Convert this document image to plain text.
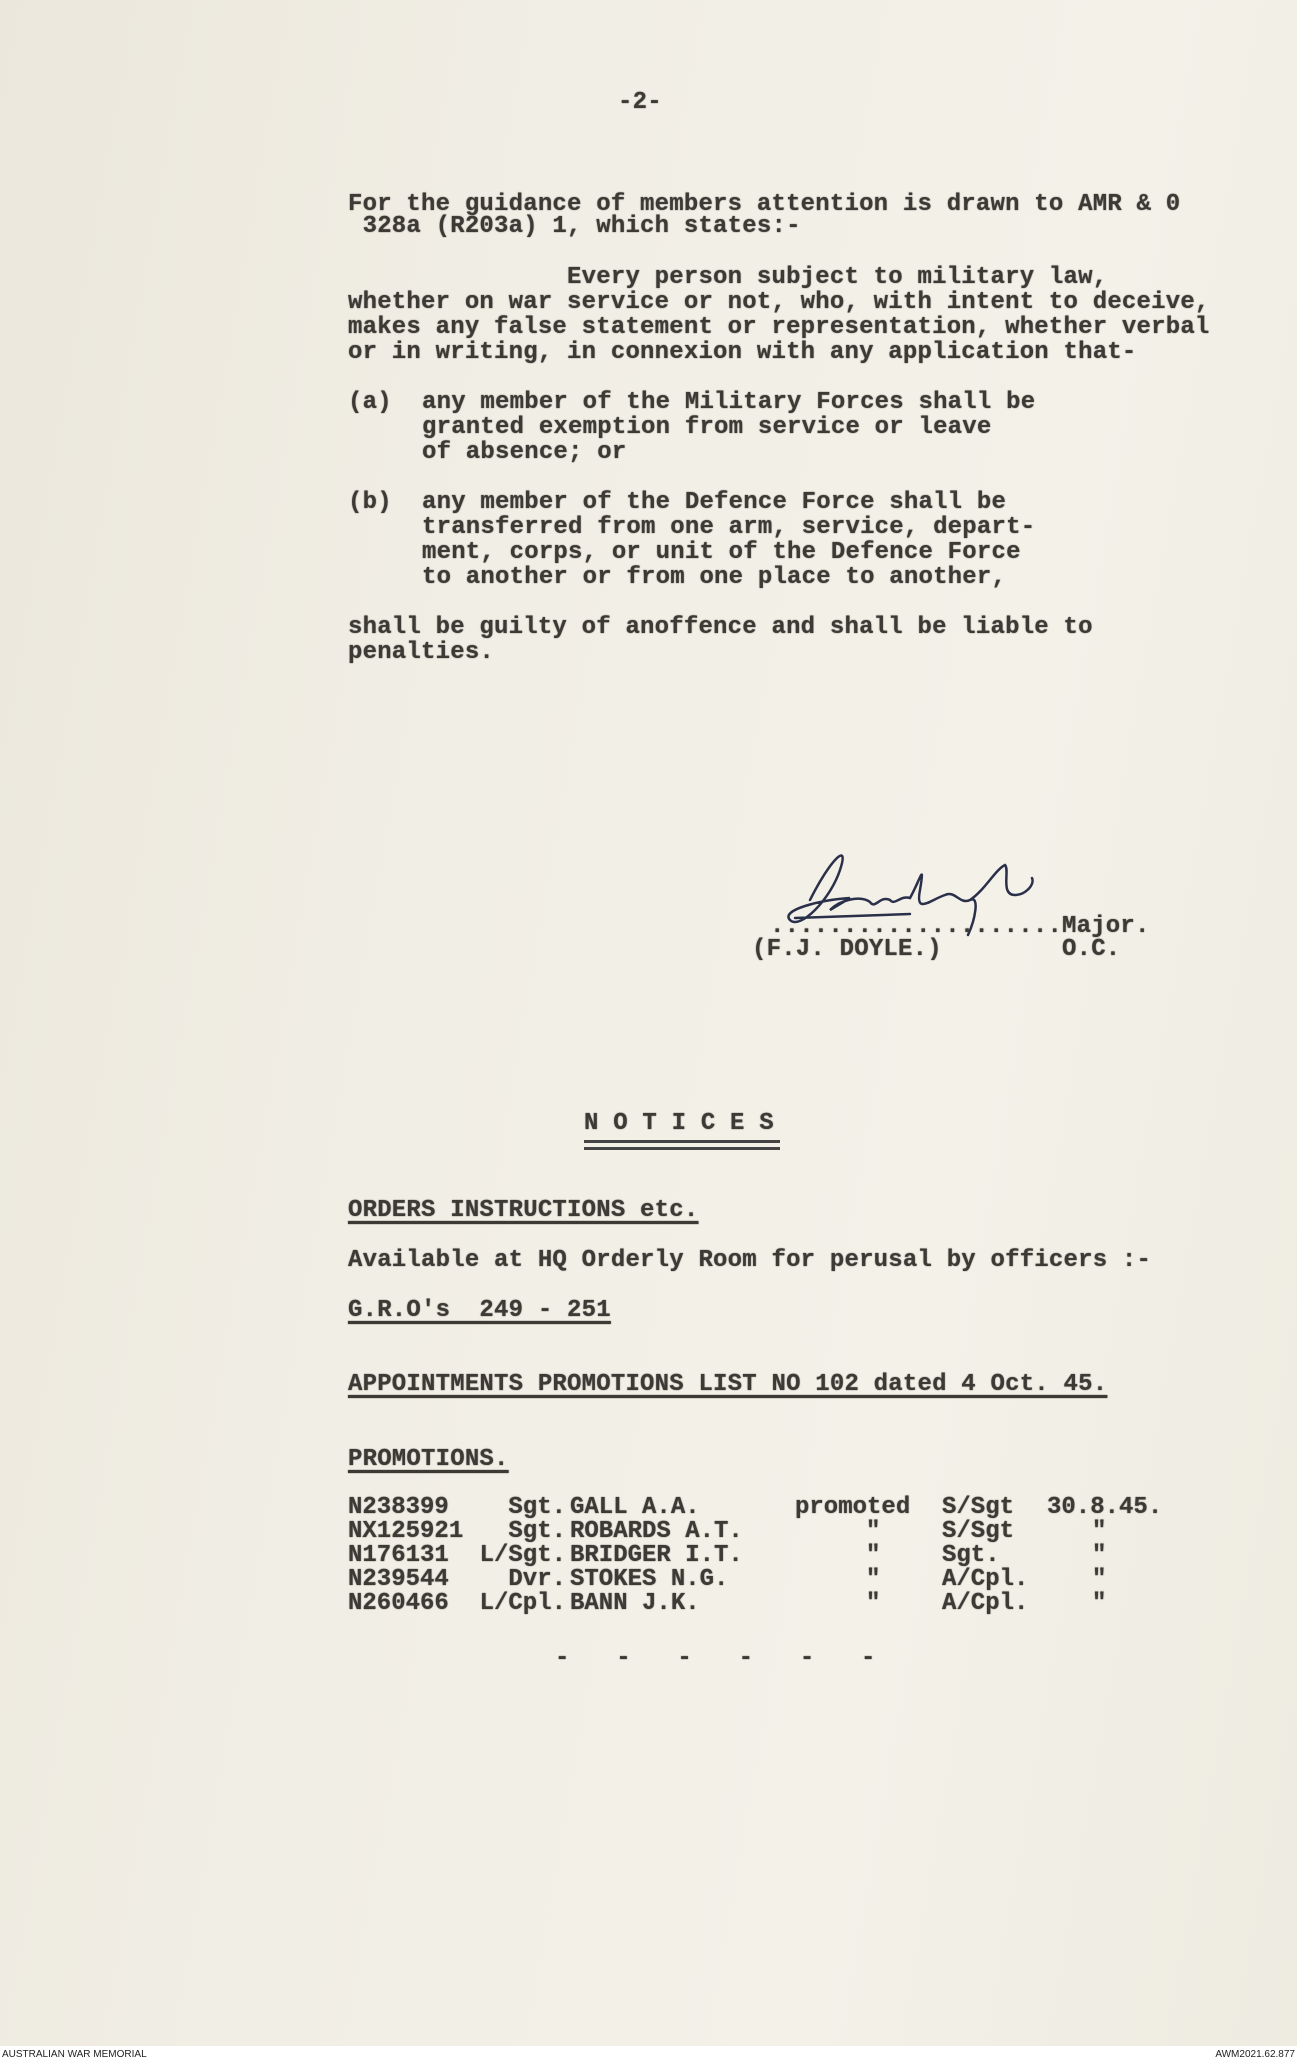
-2-
For the guidance of members attention is drawn to AMR & 0
328a (R203a) 1, which states:-
Every person subject to military law,
whether on war service or not, who, with intent to deceive,
makes any false statement or representation, whether verbal
or in writing, in connexion with any application that-
(a) any member of the Military Forces shall be
granted exemption from service or leave
of absence; or
(b) any member of the Defence Force shall be
transferred from one arm, service, depart-
ment, corps, or unit of the Defence Force
to another or from one place to another,
shall be guilty of anoffence and shall be liable to
penalties.
.................... Major.
(F.J. DOYLE.)	O.C.
N O T I C E S
ORDERS INSTRUCTIONS etc.
Available at HQ Orderly Room for perusal by officers :-
G.R.O's  249 - 251
APPOINTMENTS PROMOTIONS LIST NO 102 dated 4 Oct. 45.
PROMOTIONS.
N238399	Sgt. GALL A.A.	promoted S/Sgt 30.8.45.
NX125921	Sgt. ROBARDS A.T.	"	S/Sgt	"
N176131	L/Sgt. BRIDGER I.T.	"	Sgt.	"
N239544	Dvr. STOKES N.G.	"	A/Cpl.	"
N260466	L/Cpl. BANN J.K.	"	A/Cpl.	"
-  -  -  -  -  -
AUSTRALIAN WAR MEMORIAL	AWM2021.62.877
